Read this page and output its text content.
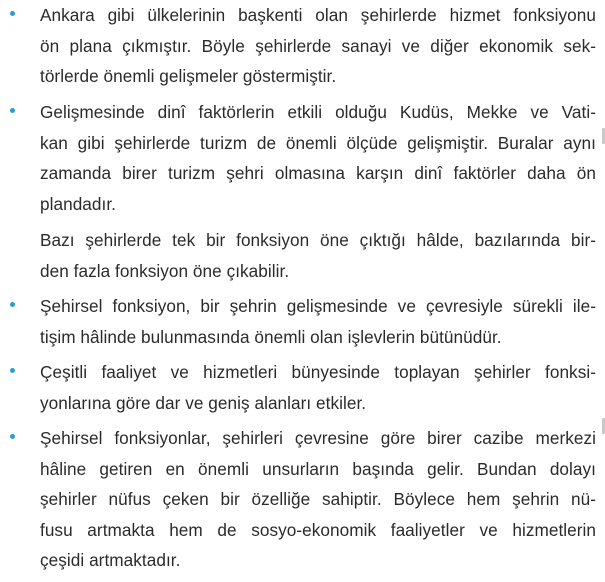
Ankara gibi ülkelerinin başkenti olan şehirlerde hizmet fonksiyonu
ön plana çıkmıştır. Böyle şehirlerde sanayi ve diğer ekonomik sek-
törlerde önemli gelişmeler göstermiştir.
Gelişmesinde dinî faktörlerin etkili olduğu Kudüs, Mekke ve Vati-
kan gibi şehirlerde turizm de önemli ölçüde gelişmiştir. Buralar aynı
zamanda birer turizm şehri olmasına karşın dinî faktörler daha ön
plandadır.
Bazı şehirlerde tek bir fonksiyon öne çıktığı hâlde, bazılarında bir-
den fazla fonksiyon öne çıkabilir.
Şehirsel fonksiyon, bir şehrin gelişmesinde ve çevresiyle sürekli ile-
tişim hâlinde bulunmasında önemli olan işlevlerin bütünüdür.
Çeşitli faaliyet ve hizmetleri bünyesinde toplayan şehirler fonksi-
yonlarına göre dar ve geniş alanları etkiler.
Şehirsel fonksiyonlar, şehirleri çevresine göre birer cazibe merkezi
hâline getiren en önemli unsurların başında gelir. Bundan dolayı
şehirler nüfus çeken bir özelliğe sahiptir. Böylece hem şehrin nü-
fusu artmakta hem de sosyo-ekonomik faaliyetler ve hizmetlerin
çeşidi artmaktadır.
